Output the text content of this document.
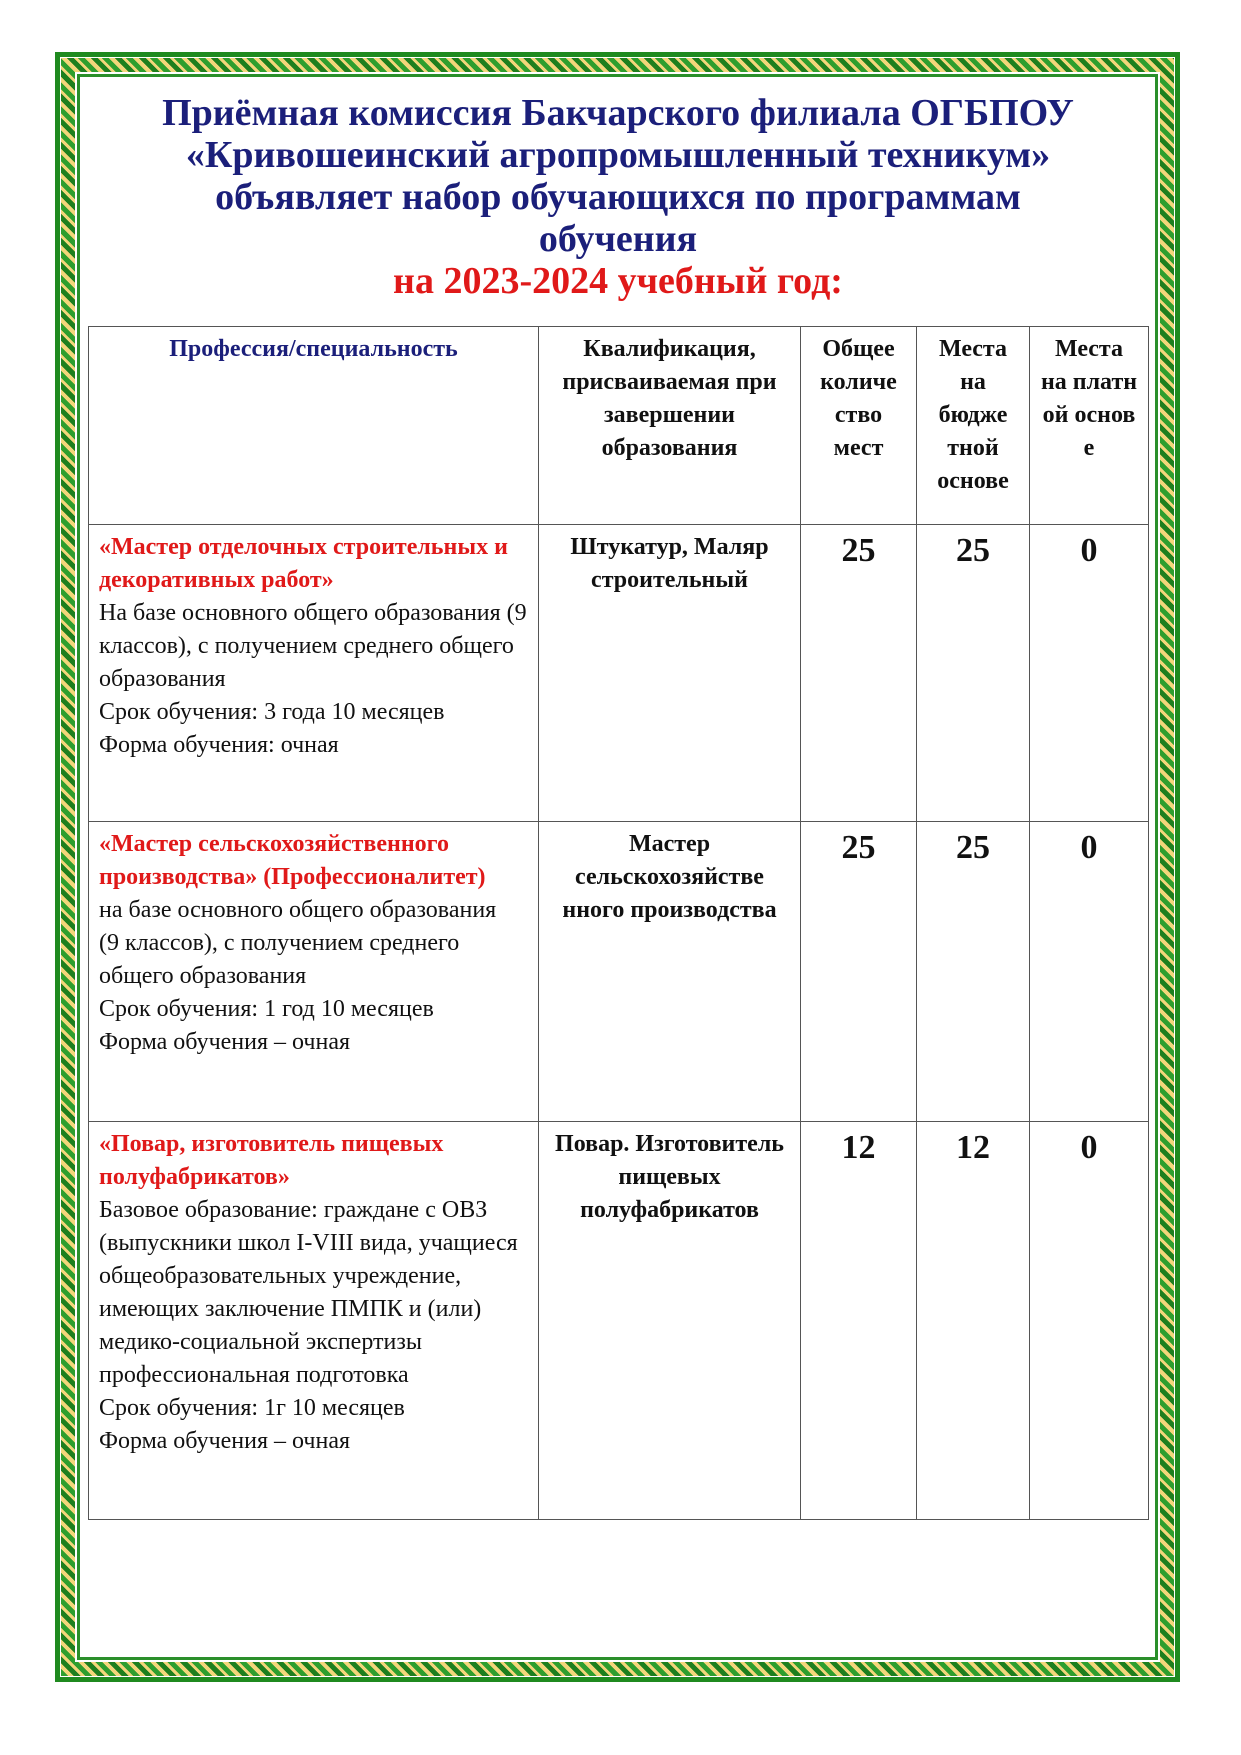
Приёмная комиссия Бакчарского филиала ОГБПОУ
«Кривошеинский агропромышленный техникум»
объявляет набор обучающихся по программам
обучения
на 2023-2024 учебный год:
Профессия/специальность	Квалификация, присваиваемая при завершении образования	Общее количе ство мест	Места на бюдже тной основе	Места на платн ой основ е

«Мастер отделочных строительных и декоративных работ»
На базе основного общего образования (9 классов), с получением среднего общего образования
Срок обучения: 3 года 10 месяцев
Форма обучения: очная	Штукатур, Маляр строительный	25	25	0

«Мастер сельскохозяйственного производства» (Профессионалитет)
на базе основного общего образования
(9 классов), с получением среднего общего образования
Срок обучения: 1 год 10 месяцев
Форма обучения – очная	Мастер сельскохозяйстве нного производства	25	25	0

«Повар, изготовитель пищевых полуфабрикатов»
Базовое образование: граждане с ОВЗ (выпускники школ I-VIII вида, учащиеся общеобразовательных учреждение, имеющих заключение ПМПК и (или) медико-социальной экспертизы профессиональная подготовка
Срок обучения: 1г 10 месяцев
Форма обучения – очная	Повар. Изготовитель пищевых полуфабрикатов	12	12	0
